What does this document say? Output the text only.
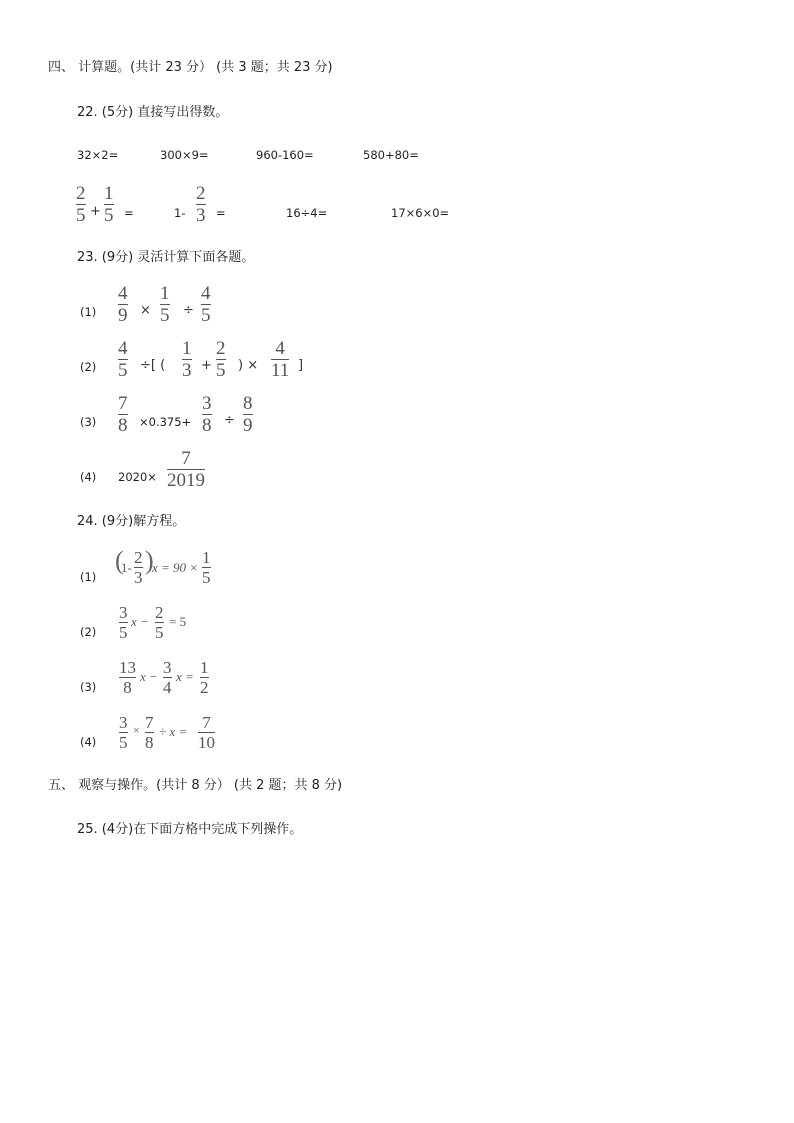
四、 计算题。(共计 23 分） (共 3 题；共 23 分)
22. (5分) 直接写出得数。
32×2=	300×9=	960-160=	580+80=
2
5 +
1
5 =	1-
2
3 =	16÷4=	17×6×0=
23. (9分) 灵活计算下面各题。
(1)
4
9 ×
1
5 ÷
4
5
(2)
4
5 ÷[ (
1
3 +
2
5 ) ×
4
11 ]
(3)
7
8 ×0.375+
3
8 ÷
8
9
(4) 2020×
7
2019
24. (9分)解方程。
(1)
(
1-
2
3
)
x = 90 ×
1
5
(2)
3
5
x − 2
5
= 5
(3)
13
8
x − 3
4
x = 1
2
(4)
3
5
× 7
8
÷ x = 7
10
五、 观察与操作。(共计 8 分） (共 2 题；共 8 分)
25. (4分)在下面方格中完成下列操作。
